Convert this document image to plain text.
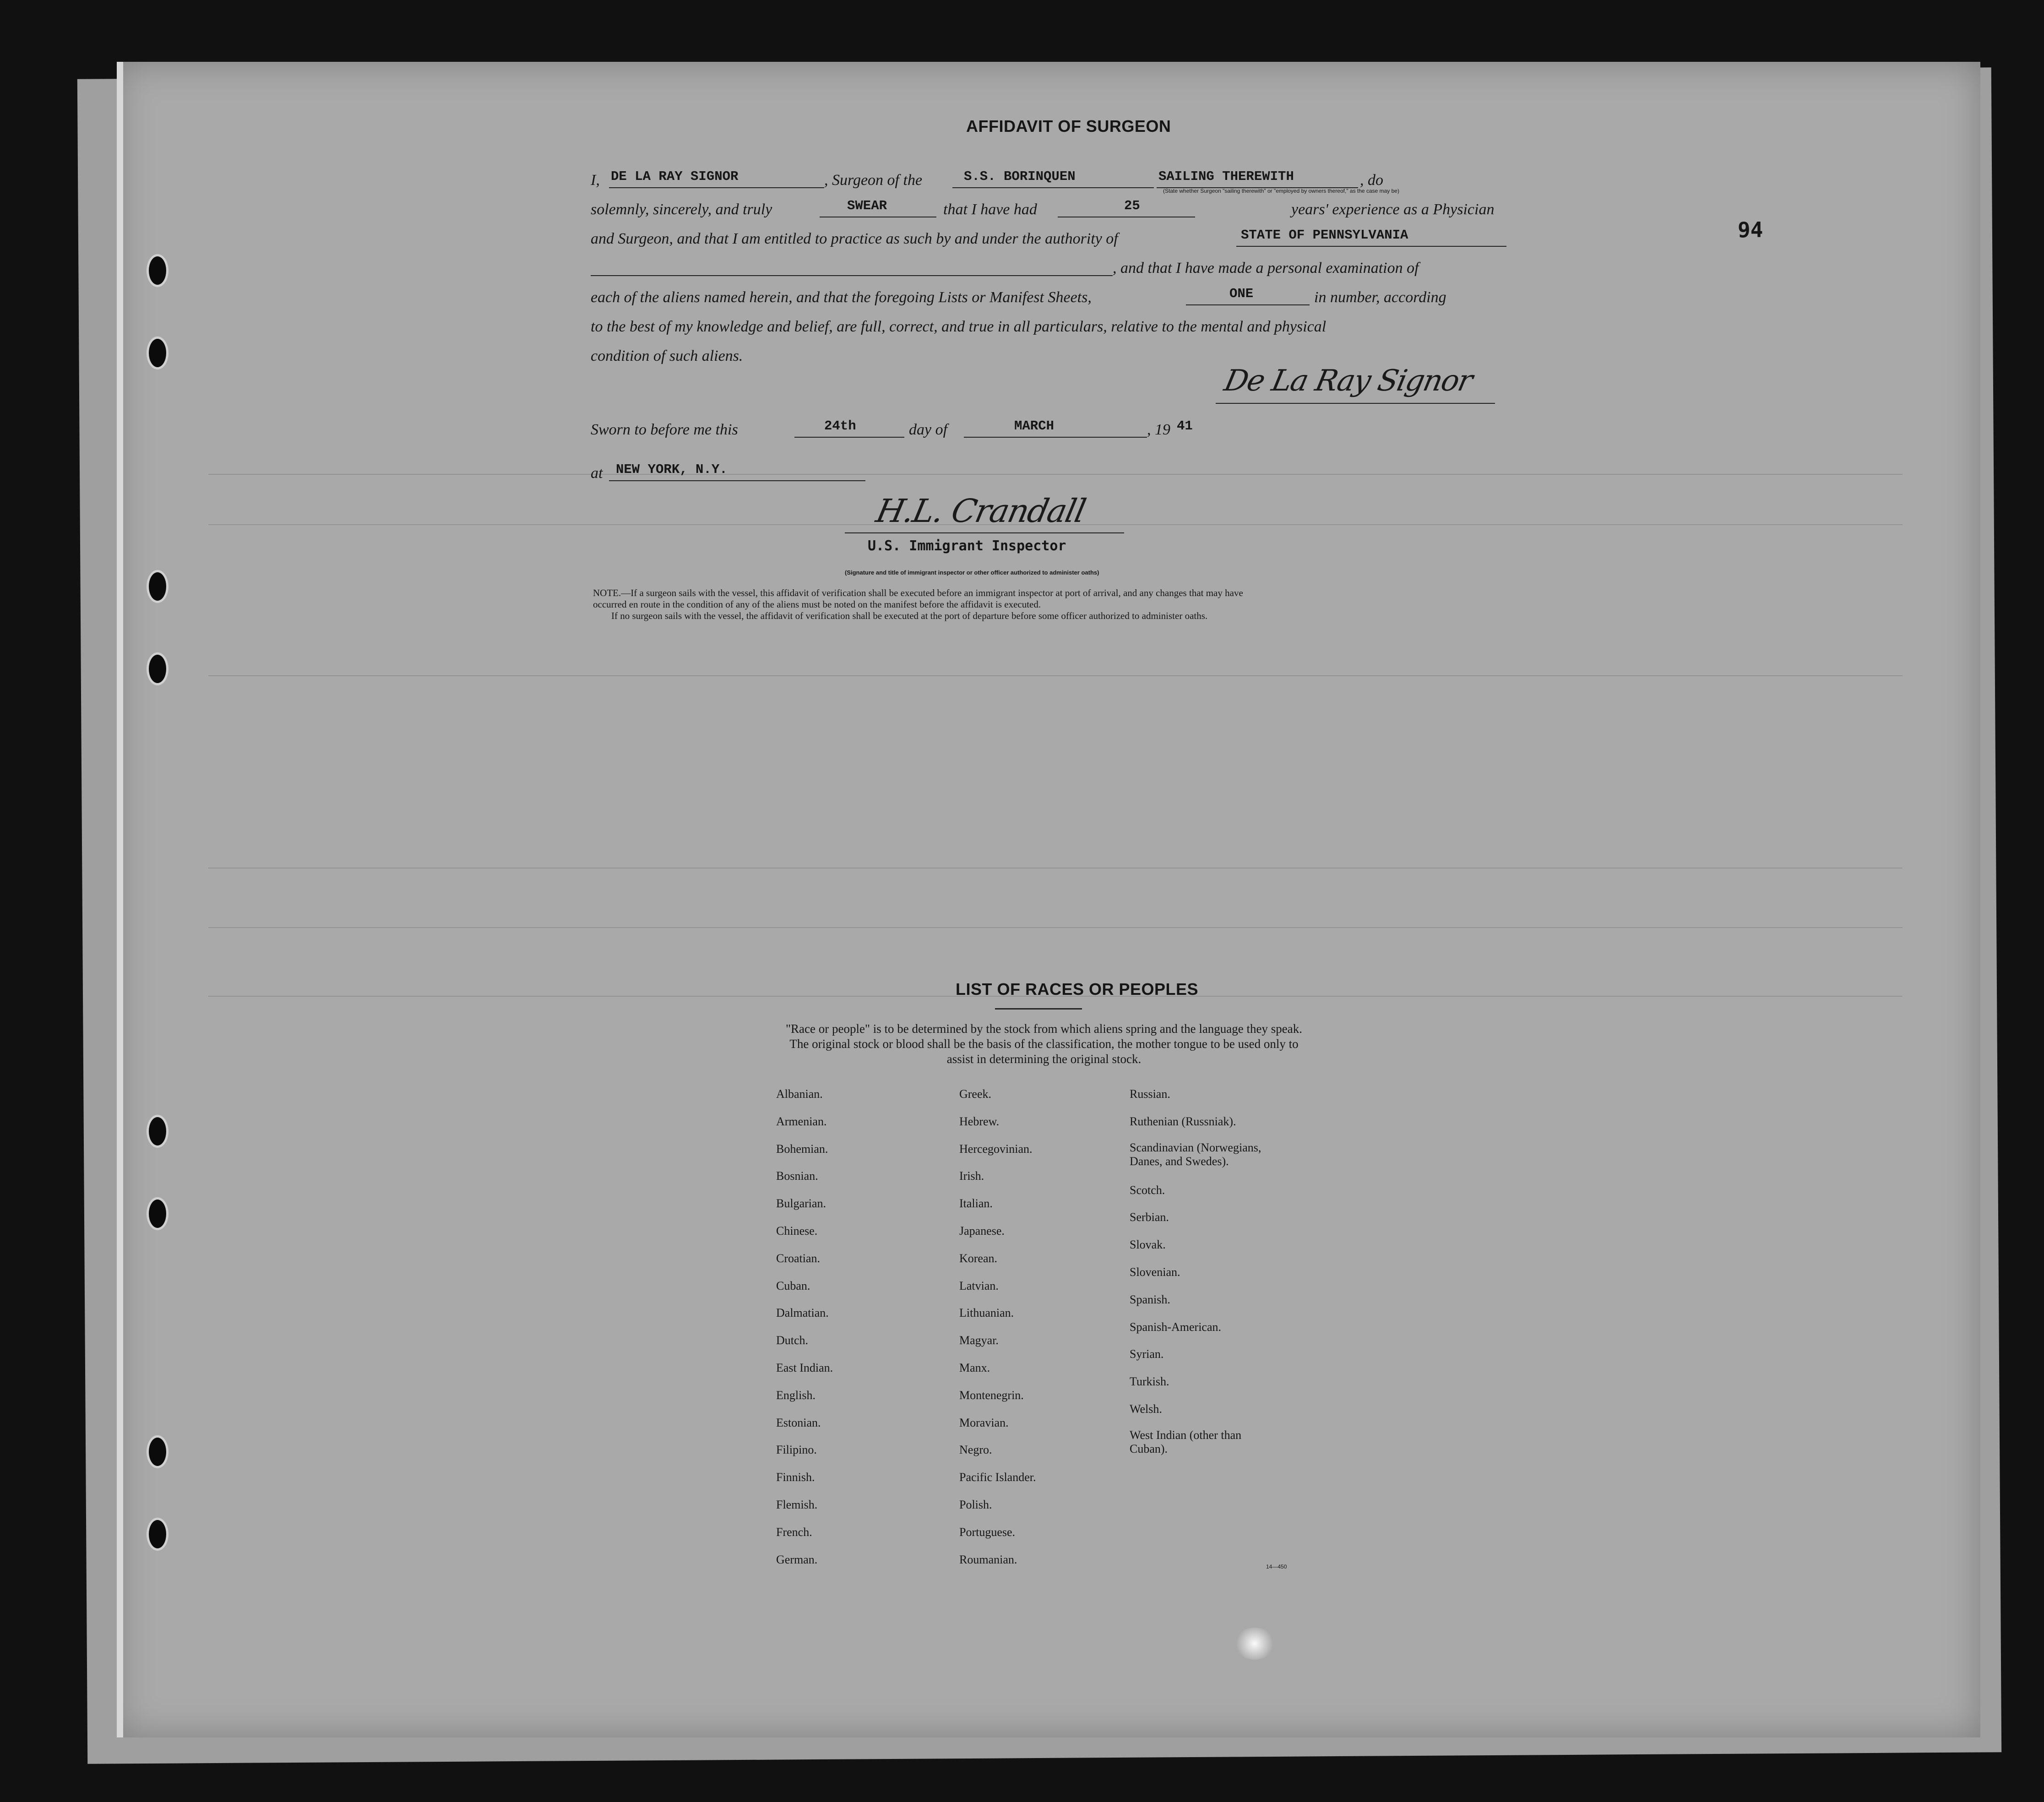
94
AFFIDAVIT OF SURGEON
I, DE LA RAY SIGNOR	, Surgeon of the	S.S. BORINQUEN	SAILING THEREWITH
(State whether Surgeon "sailing therewith" or "employed by owners thereof," as the case may be)
, do
solemnly, sincerely, and truly	SWEAR	that I have had	25	years' experience as a Physician
and Surgeon, and that I am entitled to practice as such by and under the authority of	STATE OF PENNSYLVANIA
, and that I have made a personal examination of
each of the aliens named herein, and that the foregoing Lists or Manifest Sheets,	ONE	in number, according
to the best of my knowledge and belief, are full, correct, and true in all particulars, relative to the mental and physical
condition of such aliens.
De La Ray Signor
Sworn to before me this	24th	day of	MARCH	, 19 41
at NEW YORK, N.Y.
H.L. Crandall
U.S. Immigrant Inspector
(Signature and title of immigrant inspector or other officer authorized to administer oaths)

NOTE.—If a surgeon sails with the vessel, this affidavit of verification shall be executed before an immigrant inspector at port of arrival, and any changes that may have

occurred en route in the condition of any of the aliens must be noted on the manifest before the affidavit is executed.

If no surgeon sails with the vessel, the affidavit of verification shall be executed at the port of departure before some officer authorized to administer oaths.

LIST OF RACES OR PEOPLES
"Race or people" is to be determined by the stock from which aliens spring and the language they speak. The original stock or blood shall be the basis of the classification, the mother tongue to be used only to assist in determining the original stock.
Albanian.
Armenian.
Bohemian.
Bosnian.
Bulgarian.
Chinese.
Croatian.
Cuban.
Dalmatian.
Dutch.
East Indian.
English.
Estonian.
Filipino.
Finnish.
Flemish.
French.
German.
Greek.
Hebrew.
Hercegovinian.
Irish.
Italian.
Japanese.
Korean.
Latvian.
Lithuanian.
Magyar.
Manx.
Montenegrin.
Moravian.
Negro.
Pacific Islander.
Polish.
Portuguese.
Roumanian.
Russian.
Ruthenian (Russniak).
Scandinavian (Norwegians,
Danes, and Swedes).
Scotch.
Serbian.
Slovak.
Slovenian.
Spanish.
Spanish-American.
Syrian.
Turkish.
Welsh.
West Indian (other than
Cuban).
14—450
